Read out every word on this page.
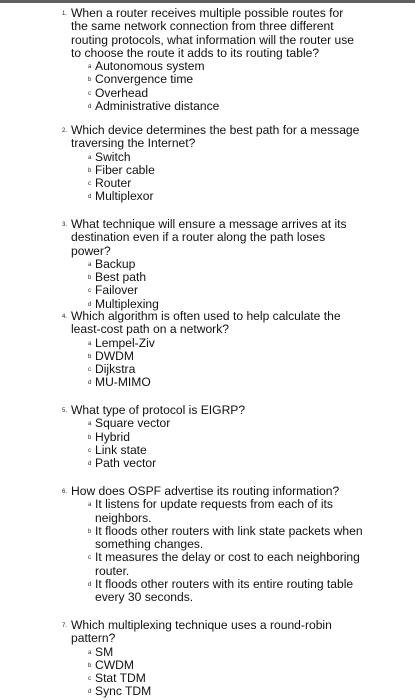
1. When a router receives multiple possible routes for the same network connection from three different routing protocols, what information will the router use to choose the route it adds to its routing table?
a Autonomous system
b Convergence time
c Overhead
d Administrative distance
2. Which device determines the best path for a message traversing the Internet?
a Switch
b Fiber cable
c Router
d Multiplexor
3. What technique will ensure a message arrives at its destination even if a router along the path loses power?
a Backup
b Best path
c Failover
d Multiplexing
4. Which algorithm is often used to help calculate the least-cost path on a network?
a Lempel-Ziv
b DWDM
c Dijkstra
d MU-MIMO
5. What type of protocol is EIGRP?
a Square vector
b Hybrid
c Link state
d Path vector
6. How does OSPF advertise its routing information?
a It listens for update requests from each of its neighbors.
b It floods other routers with link state packets when something changes.
c It measures the delay or cost to each neighboring router.
d It floods other routers with its entire routing table every 30 seconds.
7. Which multiplexing technique uses a round-robin pattern?
a SM
b CWDM
c Stat TDM
d Sync TDM
